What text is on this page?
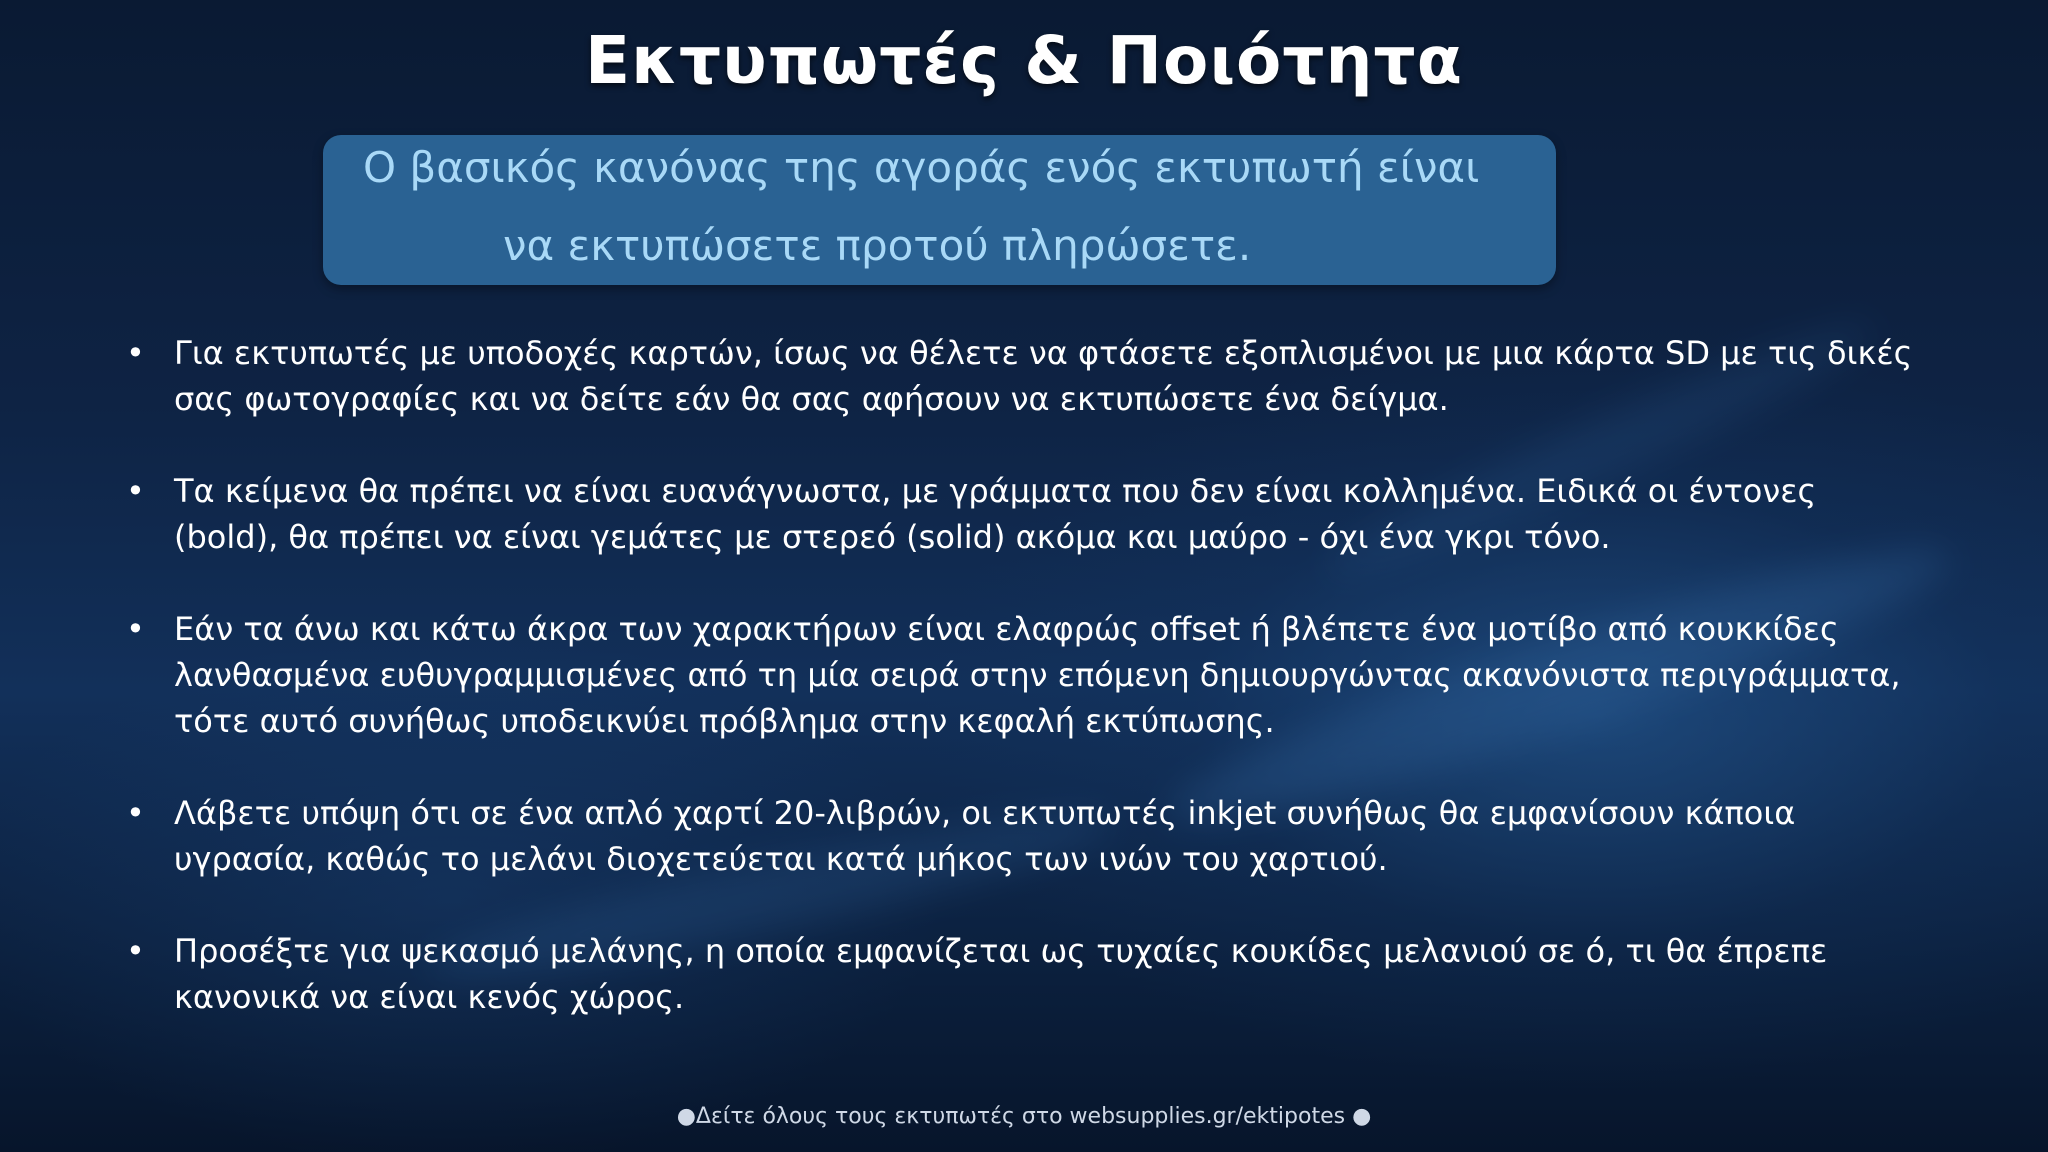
Εκτυπωτές & Ποιότητα
Ο βασικός κανόνας της αγοράς ενός εκτυπωτή είναι
να εκτυπώσετε προτού πληρώσετε.
• Για εκτυπωτές με υποδοχές καρτών, ίσως να θέλετε να φτάσετε εξοπλισμένοι με μια κάρτα SD με τις δικές
σας φωτογραφίες και να δείτε εάν θα σας αφήσουν να εκτυπώσετε ένα δείγμα.
• Τα κείμενα θα πρέπει να είναι ευανάγνωστα, με γράμματα που δεν είναι κολλημένα. Ειδικά οι έντονες
(bold), θα πρέπει να είναι γεμάτες με στερεό (solid) ακόμα και μαύρο - όχι ένα γκρι τόνο.
• Εάν τα άνω και κάτω άκρα των χαρακτήρων είναι ελαφρώς offset ή βλέπετε ένα μοτίβο από κουκκίδες
λανθασμένα ευθυγραμμισμένες από τη μία σειρά στην επόμενη δημιουργώντας ακανόνιστα περιγράμματα,
τότε αυτό συνήθως υποδεικνύει πρόβλημα στην κεφαλή εκτύπωσης.
• Λάβετε υπόψη ότι σε ένα απλό χαρτί 20-λιβρών, οι εκτυπωτές inkjet συνήθως θα εμφανίσουν κάποια
υγρασία, καθώς το μελάνι διοχετεύεται κατά μήκος των ινών του χαρτιού.
• Προσέξτε για ψεκασμό μελάνης, η οποία εμφανίζεται ως τυχαίες κουκίδες μελανιού σε ό, τι θα έπρεπε
κανονικά να είναι κενός χώρος.
●Δείτε όλους τους εκτυπωτές στο websupplies.gr/ektipotes ●
